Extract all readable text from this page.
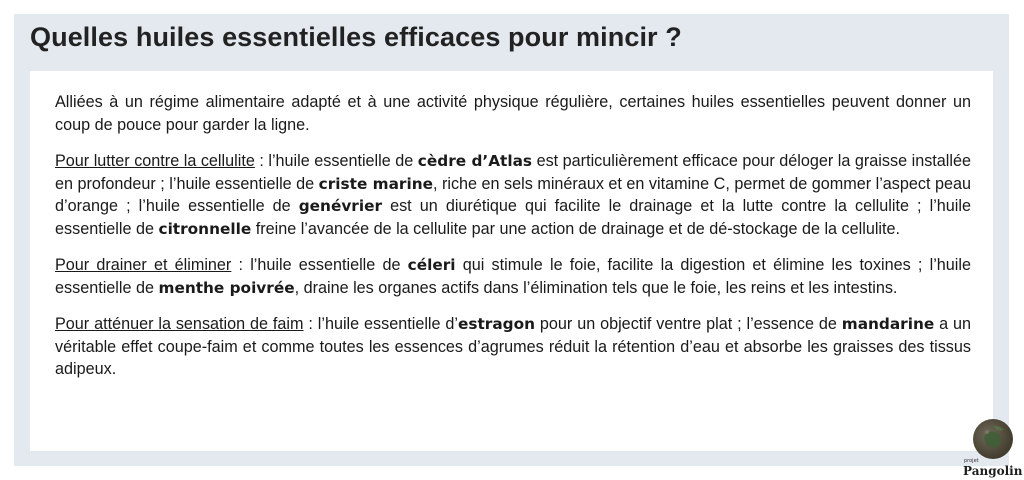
Quelles huiles essentielles efficaces pour mincir ?

Alliées à un régime alimentaire adapté et à une activité physique régulière, certaines huiles essentielles peuvent donner un coup de pouce pour garder la ligne.

Pour lutter contre la cellulite : l’huile essentielle de cèdre d’Atlas est particulièrement efficace pour déloger la graisse installée en profondeur ; l’huile essentielle de criste marine, riche en sels minéraux et en vitamine C, permet de gommer l’aspect peau d’orange ; l’huile essentielle de genévrier est un diurétique qui facilite le drainage et la lutte contre la cellulite ; l’huile essentielle de citronnelle freine l’avancée de la cellulite par une action de drainage et de dé-stockage de la cellulite.

Pour drainer et éliminer : l’huile essentielle de céleri qui stimule le foie, facilite la digestion et élimine les toxines ; l’huile essentielle de menthe poivrée, draine les organes actifs dans l’élimination tels que le foie, les reins et les intestins.

Pour atténuer la sensation de faim : l’huile essentielle d’estragon pour un objectif ventre plat ; l’essence de mandarine a un véritable effet coupe-faim et comme toutes les essences d’agrumes réduit la rétention d’eau et absorbe les graisses des tissus adipeux.

projet
Pangolin
